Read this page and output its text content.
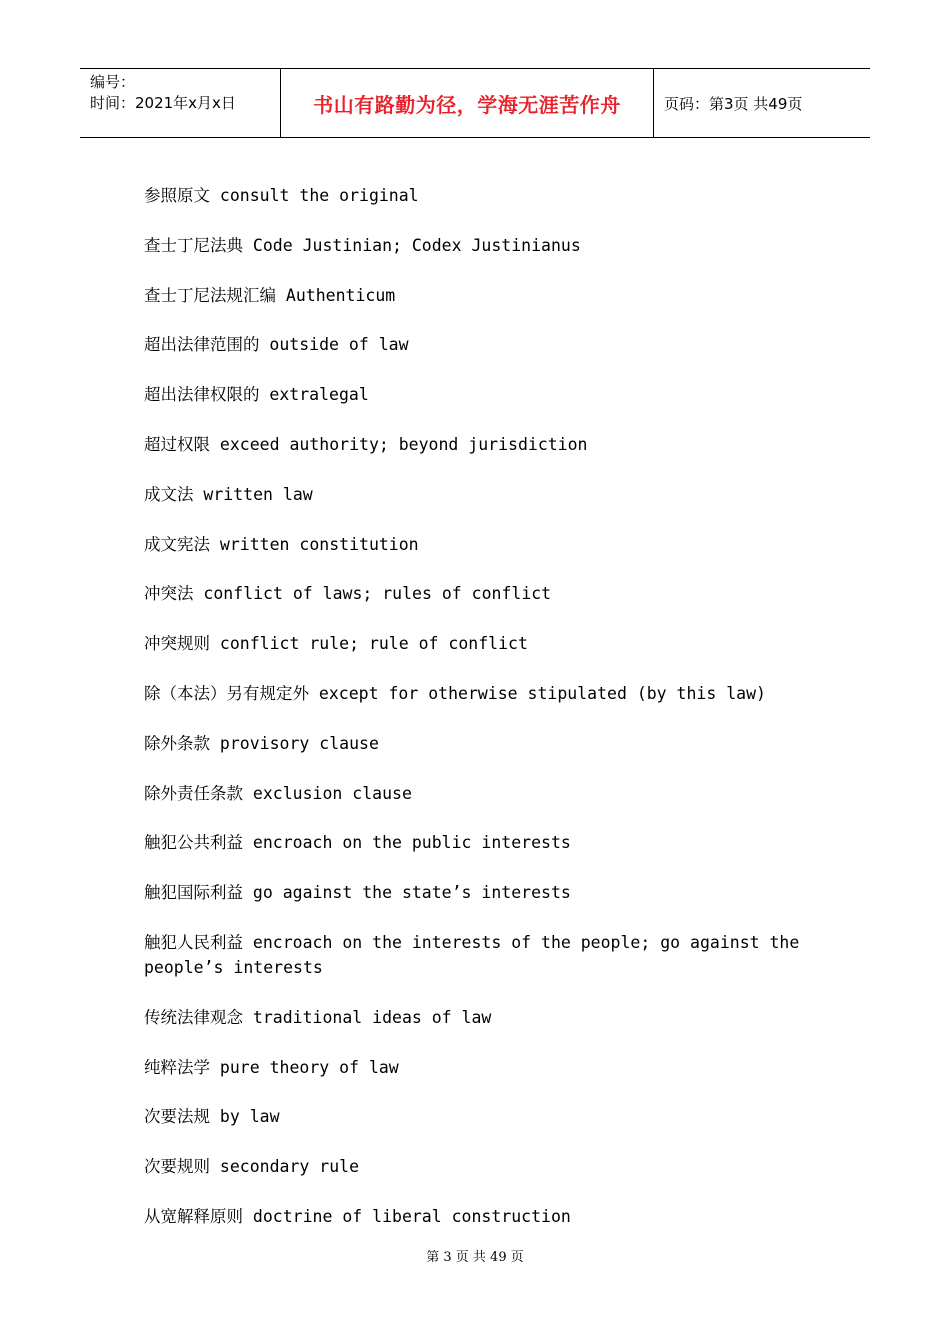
编号：
时间：2021年x月x日	书山有路勤为径，学海无涯苦作舟	页码：第3页 共49页
参照原文 consult the original
查士丁尼法典 Code Justinian; Codex Justinianus
查士丁尼法规汇编 Authenticum
超出法律范围的 outside of law
超出法律权限的 extralegal
超过权限 exceed authority; beyond jurisdiction
成文法 written law
成文宪法 written constitution
冲突法 conflict of laws; rules of conflict
冲突规则 conflict rule; rule of conflict
除（本法）另有规定外 except for otherwise stipulated (by this law)
除外条款 provisory clause
除外责任条款 exclusion clause
触犯公共利益 encroach on the public interests
触犯国际利益 go against the state’s interests
触犯人民利益 encroach on the interests of the people; go against the people’s interests
传统法律观念 traditional ideas of law
纯粹法学 pure theory of law
次要法规 by law
次要规则 secondary rule
从宽解释原则 doctrine of liberal construction
第 3 页 共 49 页
